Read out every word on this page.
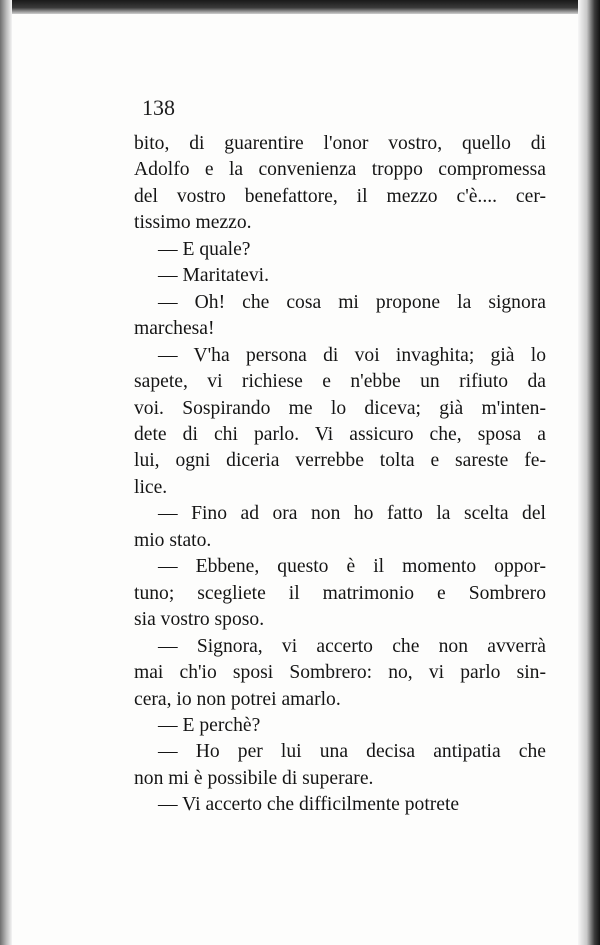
138
bito, di guarentire l'onor vostro, quello di
Adolfo e la convenienza troppo compromessa
del vostro benefattore, il mezzo c'è.... cer-
tissimo mezzo.
— E quale?
— Maritatevi.
— Oh! che cosa mi propone la signora
marchesa!
— V'ha persona di voi invaghita; già lo
sapete, vi richiese e n'ebbe un rifiuto da
voi. Sospirando me lo diceva; già m'inten-
dete di chi parlo. Vi assicuro che, sposa a
lui, ogni diceria verrebbe tolta e sareste fe-
lice.
— Fino ad ora non ho fatto la scelta del
mio stato.
— Ebbene, questo è il momento oppor-
tuno; scegliete il matrimonio e Sombrero
sia vostro sposo.
— Signora, vi accerto che non avverrà
mai ch'io sposi Sombrero: no, vi parlo sin-
cera, io non potrei amarlo.
— E perchè?
— Ho per lui una decisa antipatia che
non mi è possibile di superare.
— Vi accerto che difficilmente potrete
